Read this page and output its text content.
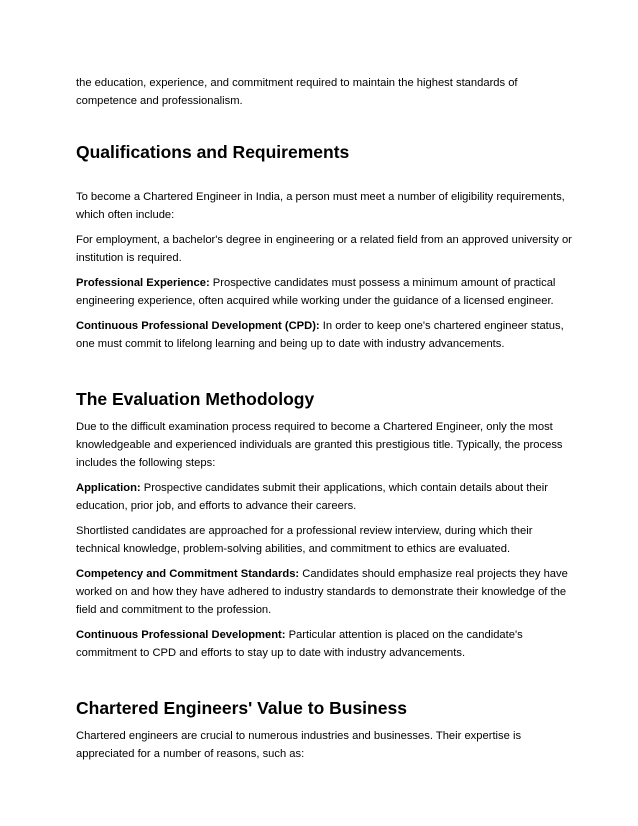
the education, experience, and commitment required to maintain the highest standards of competence and professionalism.

Qualifications and Requirements

To become a Chartered Engineer in India, a person must meet a number of eligibility requirements, which often include:

For employment, a bachelor's degree in engineering or a related field from an approved university or institution is required.

Professional Experience: Prospective candidates must possess a minimum amount of practical engineering experience, often acquired while working under the guidance of a licensed engineer.

Continuous Professional Development (CPD): In order to keep one's chartered engineer status, one must commit to lifelong learning and being up to date with industry advancements.

The Evaluation Methodology

Due to the difficult examination process required to become a Chartered Engineer, only the most knowledgeable and experienced individuals are granted this prestigious title. Typically, the process includes the following steps:

Application: Prospective candidates submit their applications, which contain details about their education, prior job, and efforts to advance their careers.

Shortlisted candidates are approached for a professional review interview, during which their technical knowledge, problem-solving abilities, and commitment to ethics are evaluated.

Competency and Commitment Standards: Candidates should emphasize real projects they have worked on and how they have adhered to industry standards to demonstrate their knowledge of the field and commitment to the profession.

Continuous Professional Development: Particular attention is placed on the candidate's commitment to CPD and efforts to stay up to date with industry advancements.

Chartered Engineers' Value to Business

Chartered engineers are crucial to numerous industries and businesses. Their expertise is appreciated for a number of reasons, such as:
